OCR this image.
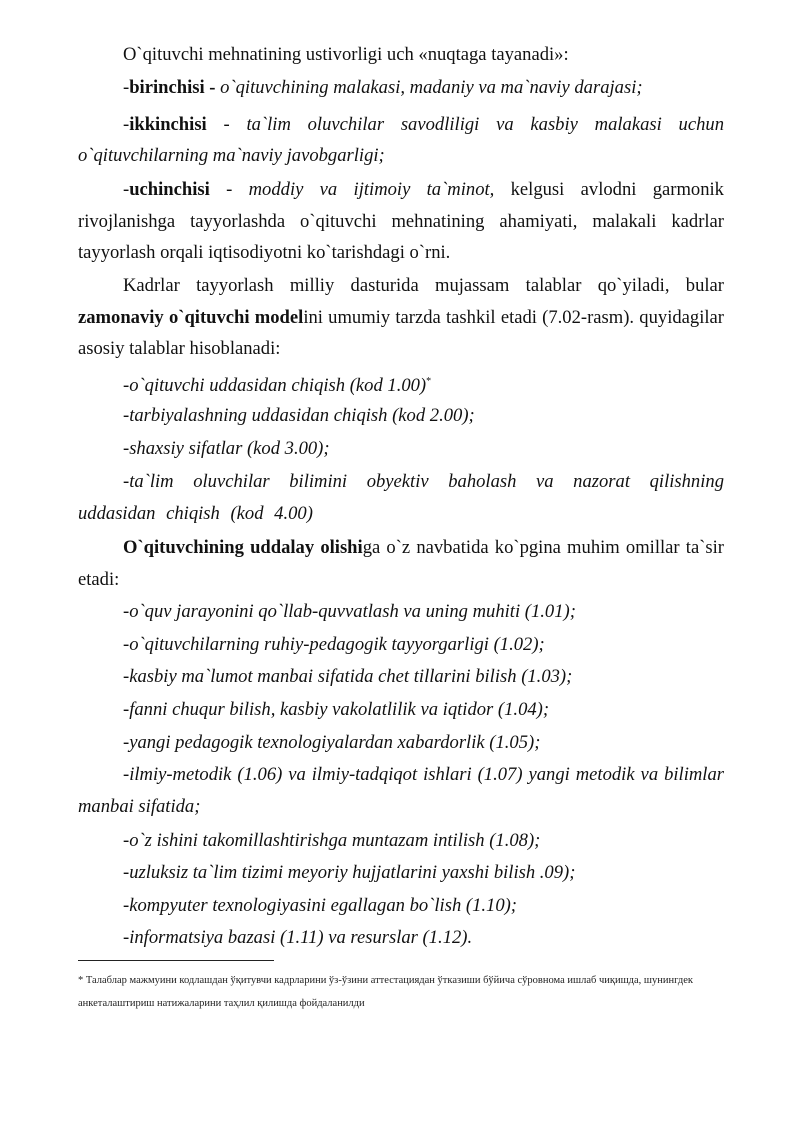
O`qituvchi mehnatining ustivorligi uch «nuqtaga tayanadi»:

-birinchisi - o`qituvchining malakasi, madaniy va ma`naviy darajasi;

-ikkinchisi - ta`lim oluvchilar savodliligi va kasbiy malakasi uchun

o`qituvchilarning ma`naviy javobgarligi;

-uchinchisi - moddiy va ijtimoiy ta`minot, kelgusi avlodni garmonik rivojlanishga tayyorlashda o`qituvchi mehnatining ahamiyati, malakali kadrlar tayyorlash orqali iqtisodiyotni ko`tarishdagi o`rni.

Kadrlar tayyorlash milliy dasturida mujassam talablar qo`yiladi, bular zamonaviy o`qituvchi modelini umumiy tarzda tashkil etadi (7.02-rasm). quyidagilar asosiy talablar hisoblanadi:

-o`qituvchi uddasidan chiqish (kod 1.00)*

-tarbiyalashning uddasidan chiqish (kod 2.00);

-shaxsiy sifatlar (kod 3.00);

-ta`lim oluvchilar bilimini obyektiv baholash va nazorat qilishning uddasidan chiqish (kod 4.00)

O`qituvchining uddalay olishiga o`z navbatida ko`pgina muhim omillar ta`sir etadi:

-o`quv jarayonini qo`llab-quvvatlash va uning muhiti (1.01);

-o`qituvchilarning ruhiy-pedagogik tayyorgarligi (1.02);

-kasbiy ma`lumot manbai sifatida chet tillarini bilish (1.03);

-fanni chuqur bilish, kasbiy vakolatlilik va iqtidor (1.04);

-yangi pedagogik texnologiyalardan xabardorlik (1.05);

-ilmiy-metodik (1.06) va ilmiy-tadqiqot ishlari (1.07) yangi metodik va bilimlar manbai sifatida;

-o`z ishini takomillashtirishga muntazam intilish (1.08);

-uzluksiz ta`lim tizimi meyoriy hujjatlarini yaxshi bilish .09);

-kompyuter texnologiyasini egallagan bo`lish (1.10);

-informatsiya bazasi (1.11) va resurslar (1.12).

* Талаблар мажмуини кодлашдан ўқитувчи кадрларини ўз-ўзини аттестациядан ўтказиши бўйича сўровнома ишлаб чиқишда, шунингдек анкеталаштириш натижаларини таҳлил қилишда фойдаланилди
